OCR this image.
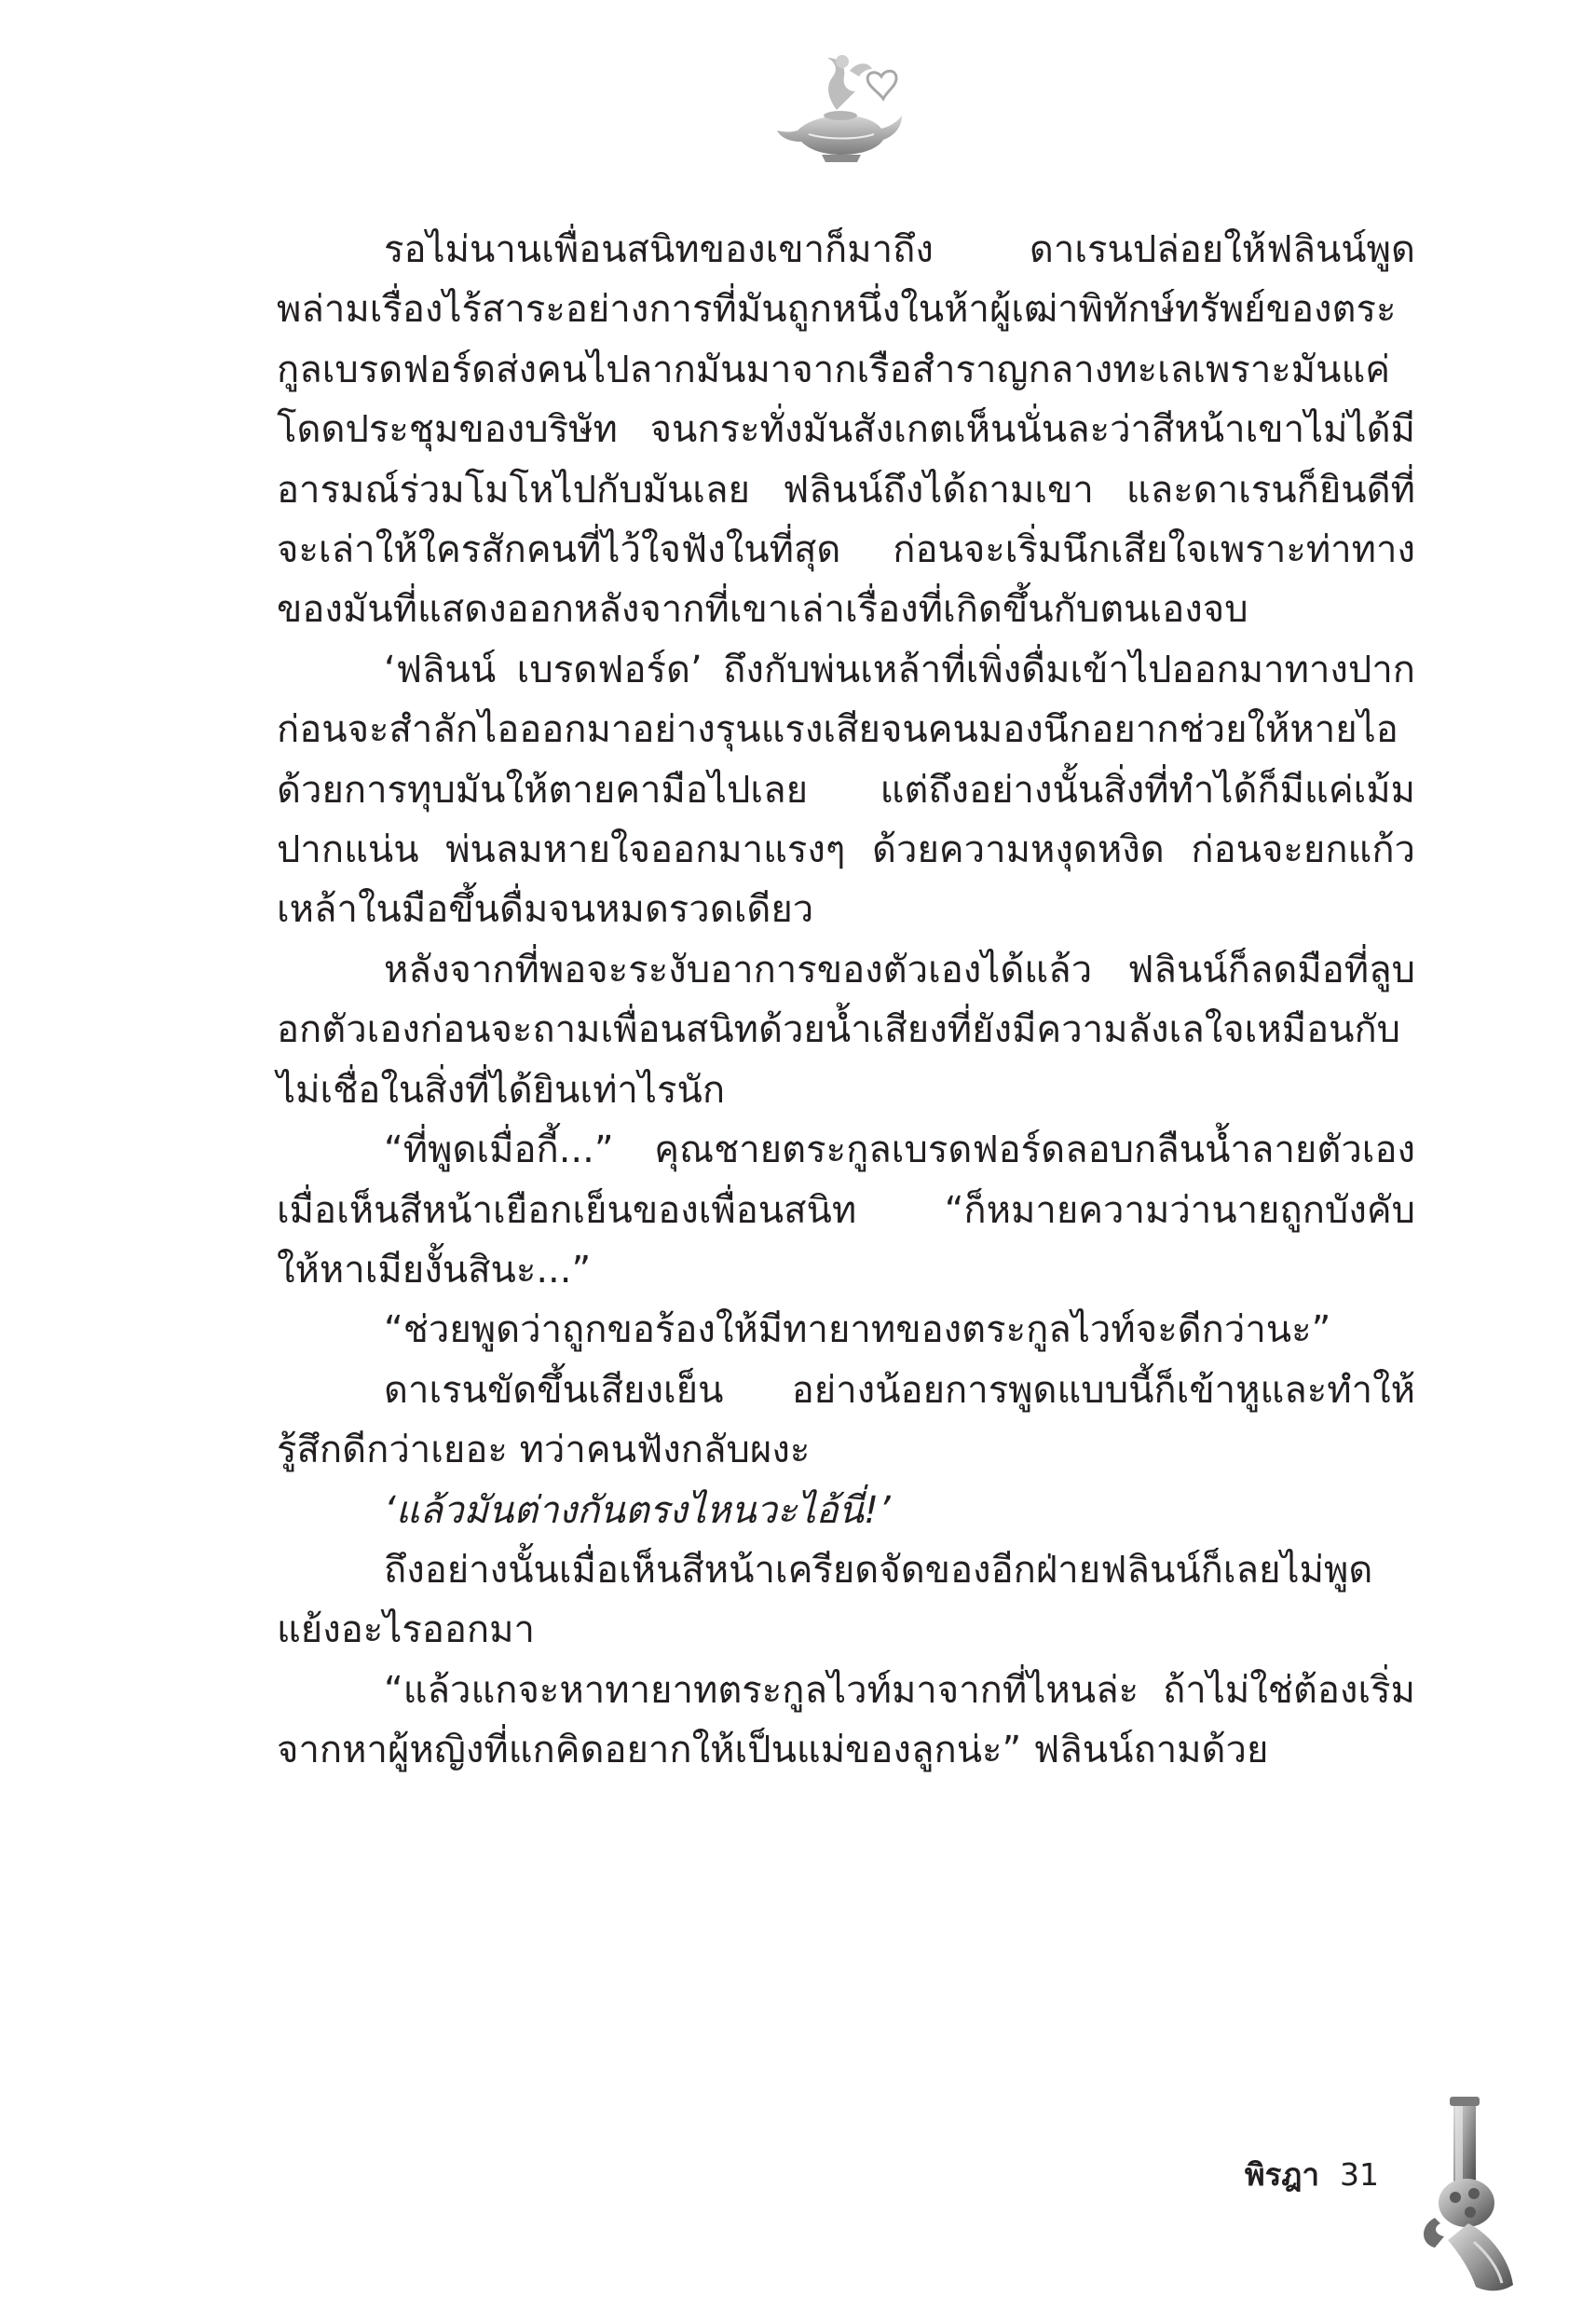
รอไม่นานเพื่อนสนิทของเขาก็มาถึง ดาเรนปล่อยให้ฟลินน์พูดพล่ามเรื่องไร้สาระอย่างการที่มันถูกหนึ่งในห้าผู้เฒ่าพิทักษ์ทรัพย์ของตระกูลเบรดฟอร์ดส่งคนไปลากมันมาจากเรือสำราญกลางทะเลเพราะมันแค่โดดประชุมของบริษัท จนกระทั่งมันสังเกตเห็นนั่นละว่าสีหน้าเขาไม่ได้มีอารมณ์ร่วมโมโหไปกับมันเลย ฟลินน์ถึงได้ถามเขา และดาเรนก็ยินดีที่จะเล่าให้ใครสักคนที่ไว้ใจฟังในที่สุด ก่อนจะเริ่มนึกเสียใจเพราะท่าทางของมันที่แสดงออกหลังจากที่เขาเล่าเรื่องที่เกิดขึ้นกับตนเองจบ

‘ฟลินน์ เบรดฟอร์ด’ ถึงกับพ่นเหล้าที่เพิ่งดื่มเข้าไปออกมาทางปากก่อนจะสำลักไอออกมาอย่างรุนแรงเสียจนคนมองนึกอยากช่วยให้หายไอด้วยการทุบมันให้ตายคามือไปเลย แต่ถึงอย่างนั้นสิ่งที่ทำได้ก็มีแค่เม้มปากแน่น พ่นลมหายใจออกมาแรงๆ ด้วยความหงุดหงิด ก่อนจะยกแก้วเหล้าในมือขึ้นดื่มจนหมดรวดเดียว

หลังจากที่พอจะระงับอาการของตัวเองได้แล้ว ฟลินน์ก็ลดมือที่ลูบอกตัวเองก่อนจะถามเพื่อนสนิทด้วยน้ำเสียงที่ยังมีความลังเลใจเหมือนกับไม่เชื่อในสิ่งที่ได้ยินเท่าไรนัก

“ที่พูดเมื่อกี้...” คุณชายตระกูลเบรดฟอร์ดลอบกลืนน้ำลายตัวเองเมื่อเห็นสีหน้าเยือกเย็นของเพื่อนสนิท “ก็หมายความว่านายถูกบังคับให้หาเมียงั้นสินะ...”

“ช่วยพูดว่าถูกขอร้องให้มีทายาทของตระกูลไวท์จะดีกว่านะ”

ดาเรนขัดขึ้นเสียงเย็น อย่างน้อยการพูดแบบนี้ก็เข้าหูและทำให้รู้สึกดีกว่าเยอะ ทว่าคนฟังกลับผงะ

‘แล้วมันต่างกันตรงไหนวะไอ้นี่!’

ถึงอย่างนั้นเมื่อเห็นสีหน้าเครียดจัดของอีกฝ่ายฟลินน์ก็เลยไม่พูดแย้งอะไรออกมา

“แล้วแกจะหาทายาทตระกูลไวท์มาจากที่ไหนล่ะ ถ้าไม่ใช่ต้องเริ่มจากหาผู้หญิงที่แกคิดอยากให้เป็นแม่ของลูกน่ะ” ฟลินน์ถามด้วย

พิรฎา 31
